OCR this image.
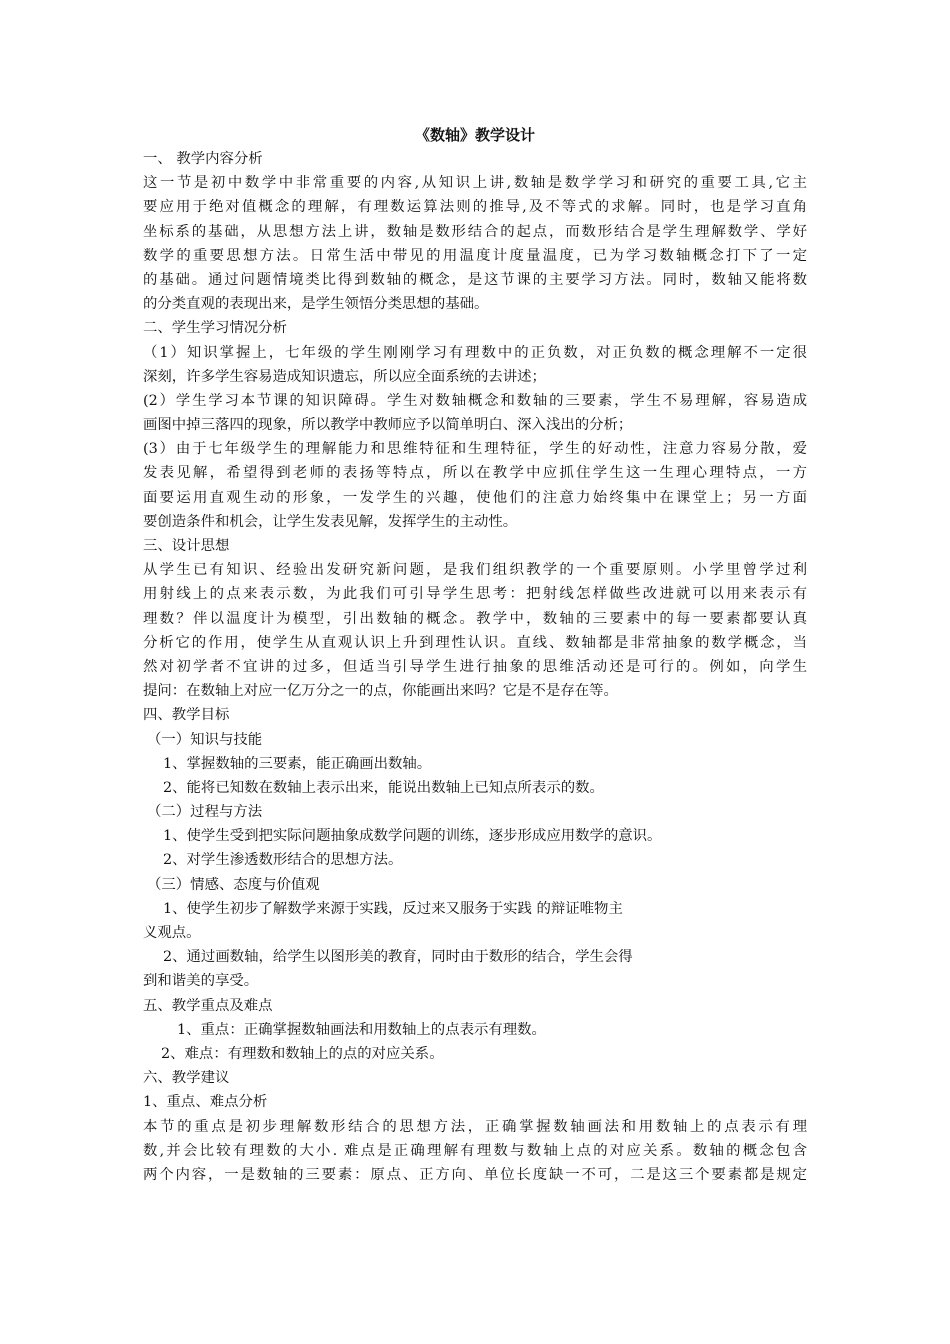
《数轴》教学设计
一、 教学内容分析
这一节是初中数学中非常重要的内容,从知识上讲,数轴是数学学习和研究的重要工具,它主
要应用于绝对值概念的理解，有理数运算法则的推导,及不等式的求解。同时，也是学习直角
坐标系的基础，从思想方法上讲，数轴是数形结合的起点，而数形结合是学生理解数学、学好
数学的重要思想方法。日常生活中带见的用温度计度量温度，已为学习数轴概念打下了一定
的基础。通过问题情境类比得到数轴的概念，是这节课的主要学习方法。同时，数轴又能将数
的分类直观的表现出来，是学生领悟分类思想的基础。
二、学生学习情况分析
（1）知识掌握上，七年级的学生刚刚学习有理数中的正负数，对正负数的概念理解不一定很
深刻，许多学生容易造成知识遗忘，所以应全面系统的去讲述；
(2）学生学习本节课的知识障碍。学生对数轴概念和数轴的三要素，学生不易理解，容易造成
画图中掉三落四的现象，所以教学中教师应予以简单明白、深入浅出的分析；
(3）由于七年级学生的理解能力和思维特征和生理特征，学生的好动性，注意力容易分散，爱
发表见解，希望得到老师的表扬等特点，所以在教学中应抓住学生这一生理心理特点，一方
面要运用直观生动的形象，一发学生的兴趣，使他们的注意力始终集中在课堂上；另一方面
要创造条件和机会，让学生发表见解，发挥学生的主动性。
三、设计思想
从学生已有知识、经验出发研究新问题，是我们组织教学的一个重要原则。小学里曾学过利
用射线上的点来表示数，为此我们可引导学生思考：把射线怎样做些改进就可以用来表示有
理数？伴以温度计为模型，引出数轴的概念。教学中，数轴的三要素中的每一要素都要认真
分析它的作用，使学生从直观认识上升到理性认识。直线、数轴都是非常抽象的数学概念，当
然对初学者不宜讲的过多，但适当引导学生进行抽象的思维活动还是可行的。例如，向学生
提问：在数轴上对应一亿万分之一的点，你能画出来吗？它是不是存在等。
四、教学目标
（一）知识与技能
1、掌握数轴的三要素，能正确画出数轴。
2、能将已知数在数轴上表示出来，能说出数轴上已知点所表示的数。
（二）过程与方法
1、使学生受到把实际问题抽象成数学问题的训练，逐步形成应用数学的意识。
2、对学生渗透数形结合的思想方法。
（三）情感、态度与价值观
1、使学生初步了解数学来源于实践，反过来又服务于实践 的辩证唯物主
义观点。
2、通过画数轴，给学生以图形美的教育，同时由于数形的结合，学生会得
到和谐美的享受。
五、教学重点及难点
1、重点：正确掌握数轴画法和用数轴上的点表示有理数。
2、难点：有理数和数轴上的点的对应关系。
六、教学建议
1、重点、难点分析
本节的重点是初步理解数形结合的思想方法，正确掌握数轴画法和用数轴上的点表示有理
数,并会比较有理数的大小. 难点是正确理解有理数与数轴上点的对应关系。数轴的概念包含
两个内容，一是数轴的三要素：原点、正方向、单位长度缺一不可，二是这三个要素都是规定
